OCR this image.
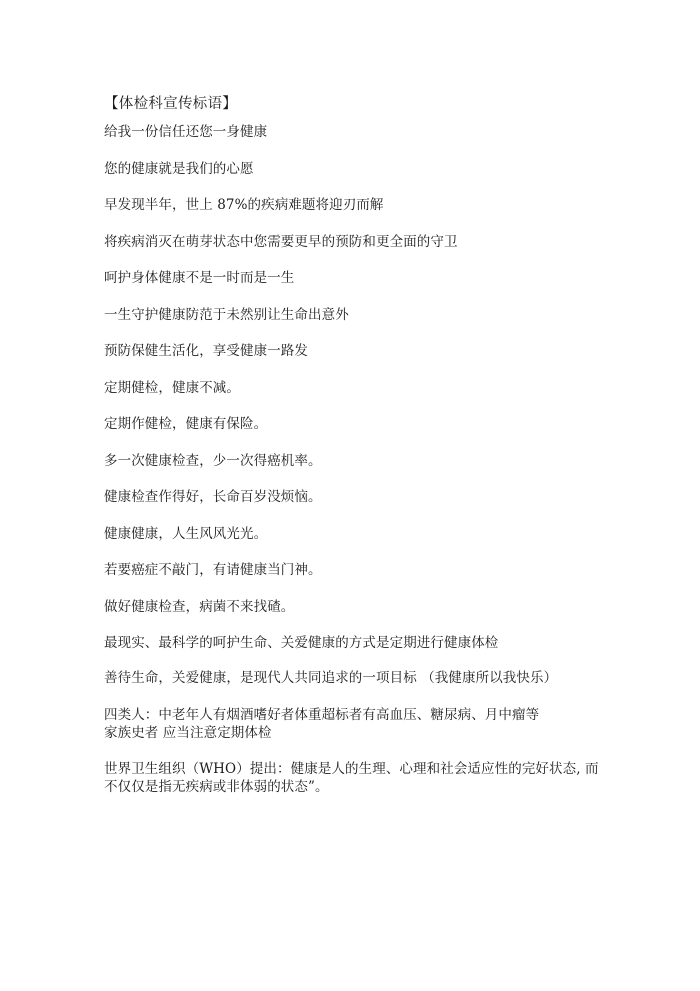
【体检科宣传标语】
给我一份信任还您一身健康
您的健康就是我们的心愿
早发现半年，世上 87%的疾病难题将迎刃而解
将疾病消灭在萌芽状态中您需要更早的预防和更全面的守卫
呵护身体健康不是一时而是一生
一生守护健康防范于未然别让生命出意外
预防保健生活化，享受健康一路发
定期健检，健康不减。
定期作健检，健康有保险。
多一次健康检查，少一次得癌机率。
健康检查作得好，长命百岁没烦恼。
健康健康，人生风风光光。
若要癌症不敲门，有请健康当门神。
做好健康检查，病菌不来找碴。
最现实、最科学的呵护生命、关爱健康的方式是定期进行健康体检
善待生命，关爱健康，是现代人共同追求的一项目标 （我健康所以我快乐）
四类人：中老年人有烟酒嗜好者体重超标者有高血压、糖尿病、月中瘤等家族史者 应当注意定期体检
世界卫生组织（WHO）提出：健康是人的生理、心理和社会适应性的完好状态, 而不仅仅是指无疾病或非体弱的状态”。
